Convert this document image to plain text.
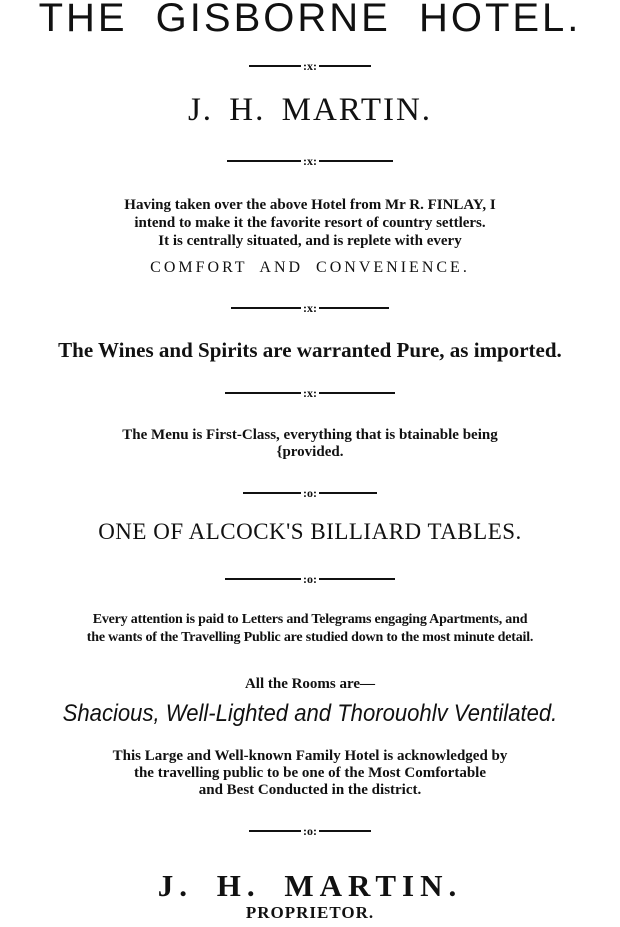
THE GISBORNE HOTEL.
:x:
J. H. MARTIN.
:x:
Having taken over the above Hotel from Mr R. FINLAY, I
intend to make it the favorite resort of country settlers.
It is centrally situated, and is replete with every
COMFORT AND CONVENIENCE.
:x:
The Wines and Spirits are warranted Pure, as imported.
:x:
The Menu is First-Class, everything that is btainable being
{provided.
:o:
ONE OF ALCOCK'S BILLIARD TABLES.
:o:
Every attention is paid to Letters and Telegrams engaging Apartments, and
the wants of the Travelling Public are studied down to the most minute detail.
All the Rooms are—
Shacious, Well-Lighted and Thorouohlv Ventilated.
This Large and Well-known Family Hotel is acknowledged by
the travelling public to be one of the Most Comfortable
and Best Conducted in the district.
:o:
J. H. MARTIN.
PROPRIETOR.
